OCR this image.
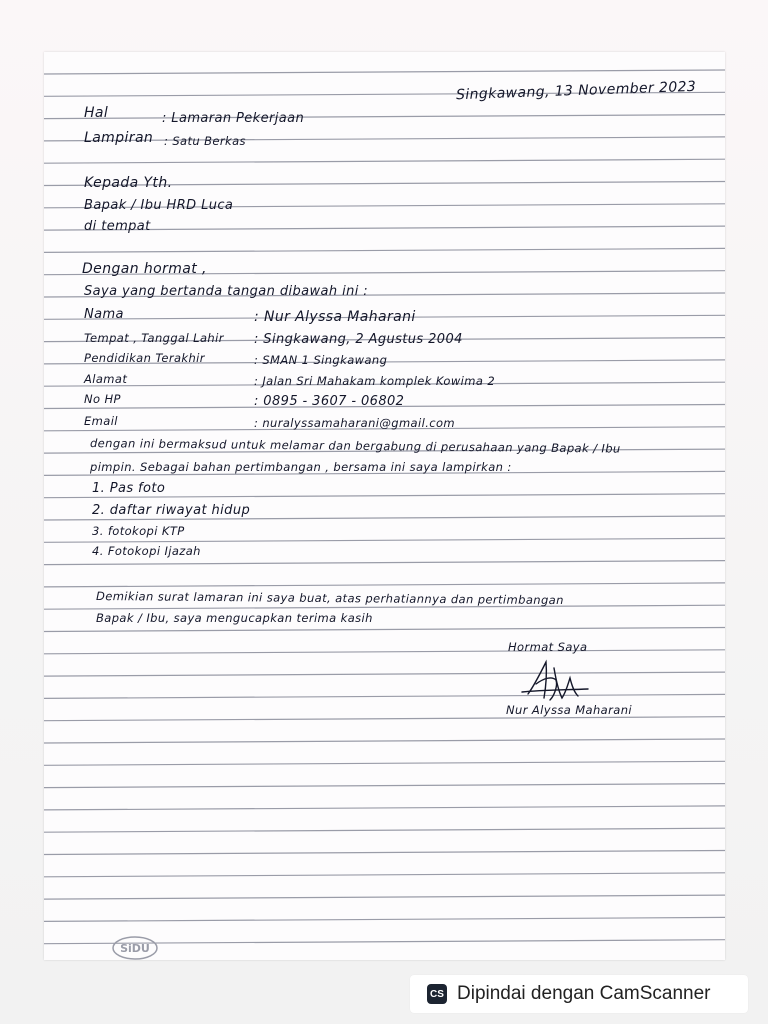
Singkawang, 13 November 2023
Hal	: Lamaran Pekerjaan
Lampiran : Satu Berkas
Kepada Yth.
Bapak / Ibu HRD Luca
di tempat
Dengan hormat ,
Saya yang bertanda tangan dibawah ini :
Nama	: Nur Alyssa Maharani
Tempat , Tanggal Lahir : Singkawang, 2 Agustus 2004
Pendidikan Terakhir	: SMAN 1 Singkawang
Alamat	: Jalan Sri Mahakam komplek Kowima 2
No HP	: 0895 - 3607 - 06802
Email	: nuralyssamaharani@gmail.com
dengan ini bermaksud untuk melamar dan bergabung di perusahaan yang Bapak / Ibu
pimpin. Sebagai bahan pertimbangan , bersama ini saya lampirkan :
1. Pas foto
2. daftar riwayat hidup
3. fotokopi KTP
4. Fotokopi Ijazah
Demikian surat lamaran ini saya buat, atas perhatiannya dan pertimbangan
Bapak / Ibu, saya mengucapkan terima kasih
Hormat Saya
Nur Alyssa Maharani
SiDU
CS Dipindai dengan CamScanner
